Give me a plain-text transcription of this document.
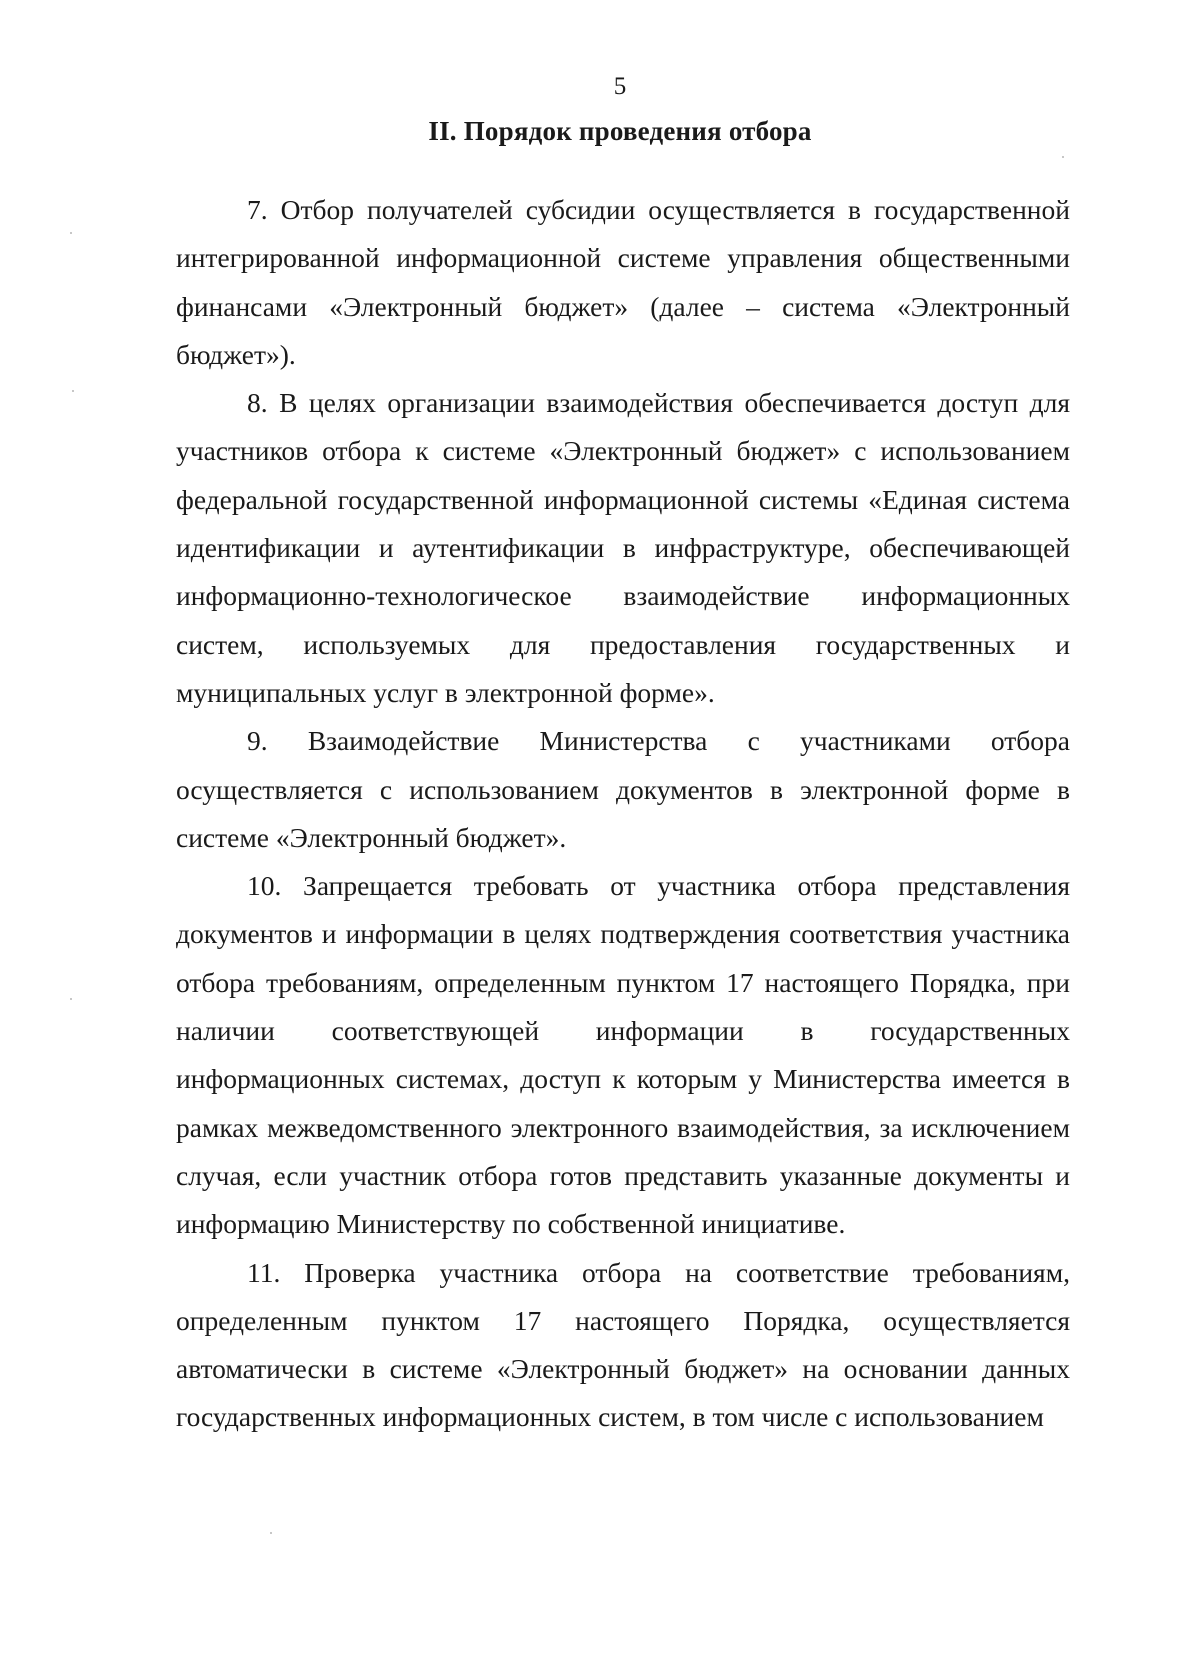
5
II. Порядок проведения отбора

7. Отбор получателей субсидии осуществляется в государственной интегрированной информационной системе управления общественными финансами «Электронный бюджет» (далее – система «Электронный бюджет»).

8. В целях организации взаимодействия обеспечивается доступ для участников отбора к системе «Электронный бюджет» с использованием федеральной государственной информационной системы «Единая система идентификации и аутентификации в инфраструктуре, обеспечивающей информационно-технологическое взаимодействие информационных систем, используемых для предоставления государственных и муниципальных услуг в электронной форме».

9. Взаимодействие Министерства с участниками отбора осуществляется с использованием документов в электронной форме в системе «Электронный бюджет».

10. Запрещается требовать от участника отбора представления документов и информации в целях подтверждения соответствия участника отбора требованиям, определенным пунктом 17 настоящего Порядка, при наличии соответствующей информации в государственных информационных системах, доступ к которым у Министерства имеется в рамках межведомственного электронного взаимодействия, за исключением случая, если участник отбора готов представить указанные документы и информацию Министерству по собственной инициативе.

11. Проверка участника отбора на соответствие требованиям, определенным пунктом 17 настоящего Порядка, осуществляется автоматически в системе «Электронный бюджет» на основании данных государственных информационных систем, в том числе с использованием
